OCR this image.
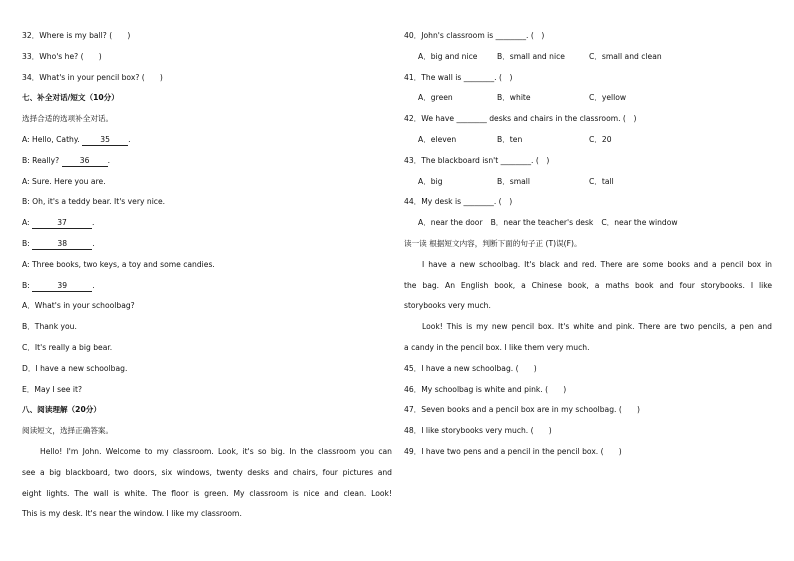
32．Where is my ball? (　　)
33．Who's he? (　　)
34．What's in your pencil box? (　　)
七、补全对话/短文（10分）
选择合适的选项补全对话。
A: Hello, Cathy.	35 .
B: Really?	36 .
A: Sure. Here you are.
B: Oh, it's a teddy bear. It's very nice.
A:	37	.
B:	38	.
A: Three books, two keys, a toy and some candies.
B:	39	.
A．What's in your schoolbag?
B．Thank you.
C．It's really a big bear.
D．I have a new schoolbag.
E．May I see it?
八、阅读理解（20分）
阅读短文，选择正确答案。
Hello! I'm John. Welcome to my classroom. Look, it's so big. In the classroom you can
see a big blackboard, two doors, six windows, twenty desks and chairs, four pictures and
eight lights. The wall is white. The floor is green. My classroom is nice and clean. Look!
This is my desk. It's near the window. I like my classroom.
40．John's classroom is ________. (　)
A．big and nice	B．small and nice	C．small and clean
41．The wall is ________. (　)
A．green	B．white	C．yellow
42．We have ________ desks and chairs in the classroom. (　)
A．eleven	B．ten	C．20
43．The blackboard isn't ________. (　)
A．big	B．small	C．tall
44．My desk is ________. (　)
A．near the door B．near the teacher's desk C．near the window
读一读 根据短文内容，判断下面的句子正 (T)误(F)。
I have a new schoolbag. It's black and red. There are some books and a pencil box in
the bag. An English book, a Chinese book, a maths book and four storybooks. I like
storybooks very much.
Look! This is my new pencil box. It's white and pink. There are two pencils, a pen and
a candy in the pencil box. I like them very much.
45．I have a new schoolbag. (　　)
46．My schoolbag is white and pink. (　　)
47．Seven books and a pencil box are in my schoolbag. (　　)
48．I like storybooks very much. (　　)
49．I have two pens and a pencil in the pencil box. (　　)
